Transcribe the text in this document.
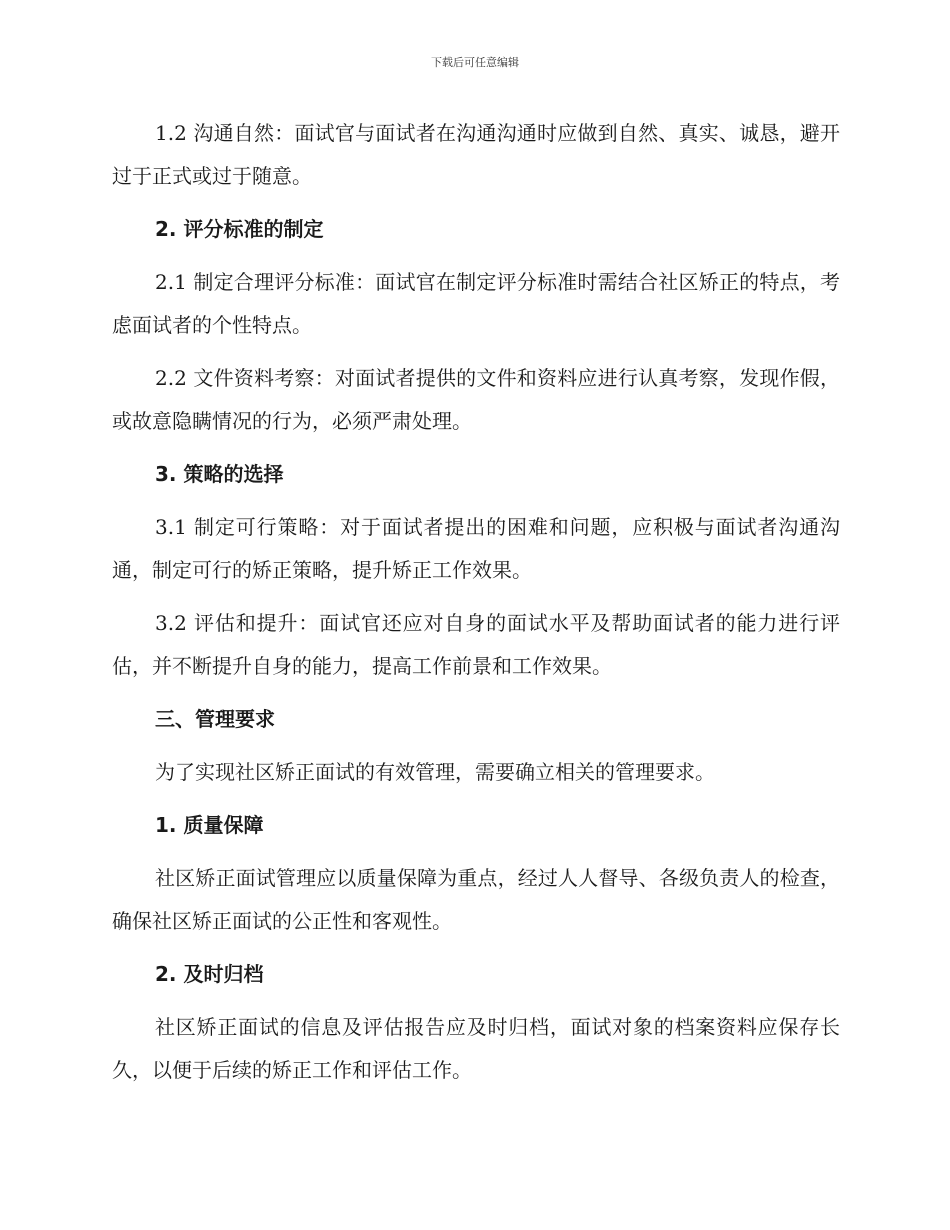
下载后可任意编辑

1.2 沟通自然：面试官与面试者在沟通沟通时应做到自然、真实、诚恳，避开过于正式或过于随意。

2. 评分标准的制定

2.1 制定合理评分标准：面试官在制定评分标准时需结合社区矫正的特点，考虑面试者的个性特点。

2.2 文件资料考察：对面试者提供的文件和资料应进行认真考察，发现作假，或故意隐瞒情况的行为，必须严肃处理。

3. 策略的选择

3.1 制定可行策略：对于面试者提出的困难和问题，应积极与面试者沟通沟通，制定可行的矫正策略，提升矫正工作效果。

3.2 评估和提升：面试官还应对自身的面试水平及帮助面试者的能力进行评估，并不断提升自身的能力，提高工作前景和工作效果。

三、管理要求

为了实现社区矫正面试的有效管理，需要确立相关的管理要求。

1. 质量保障

社区矫正面试管理应以质量保障为重点，经过人人督导、各级负责人的检查，确保社区矫正面试的公正性和客观性。

2. 及时归档

社区矫正面试的信息及评估报告应及时归档，面试对象的档案资料应保存长久，以便于后续的矫正工作和评估工作。
